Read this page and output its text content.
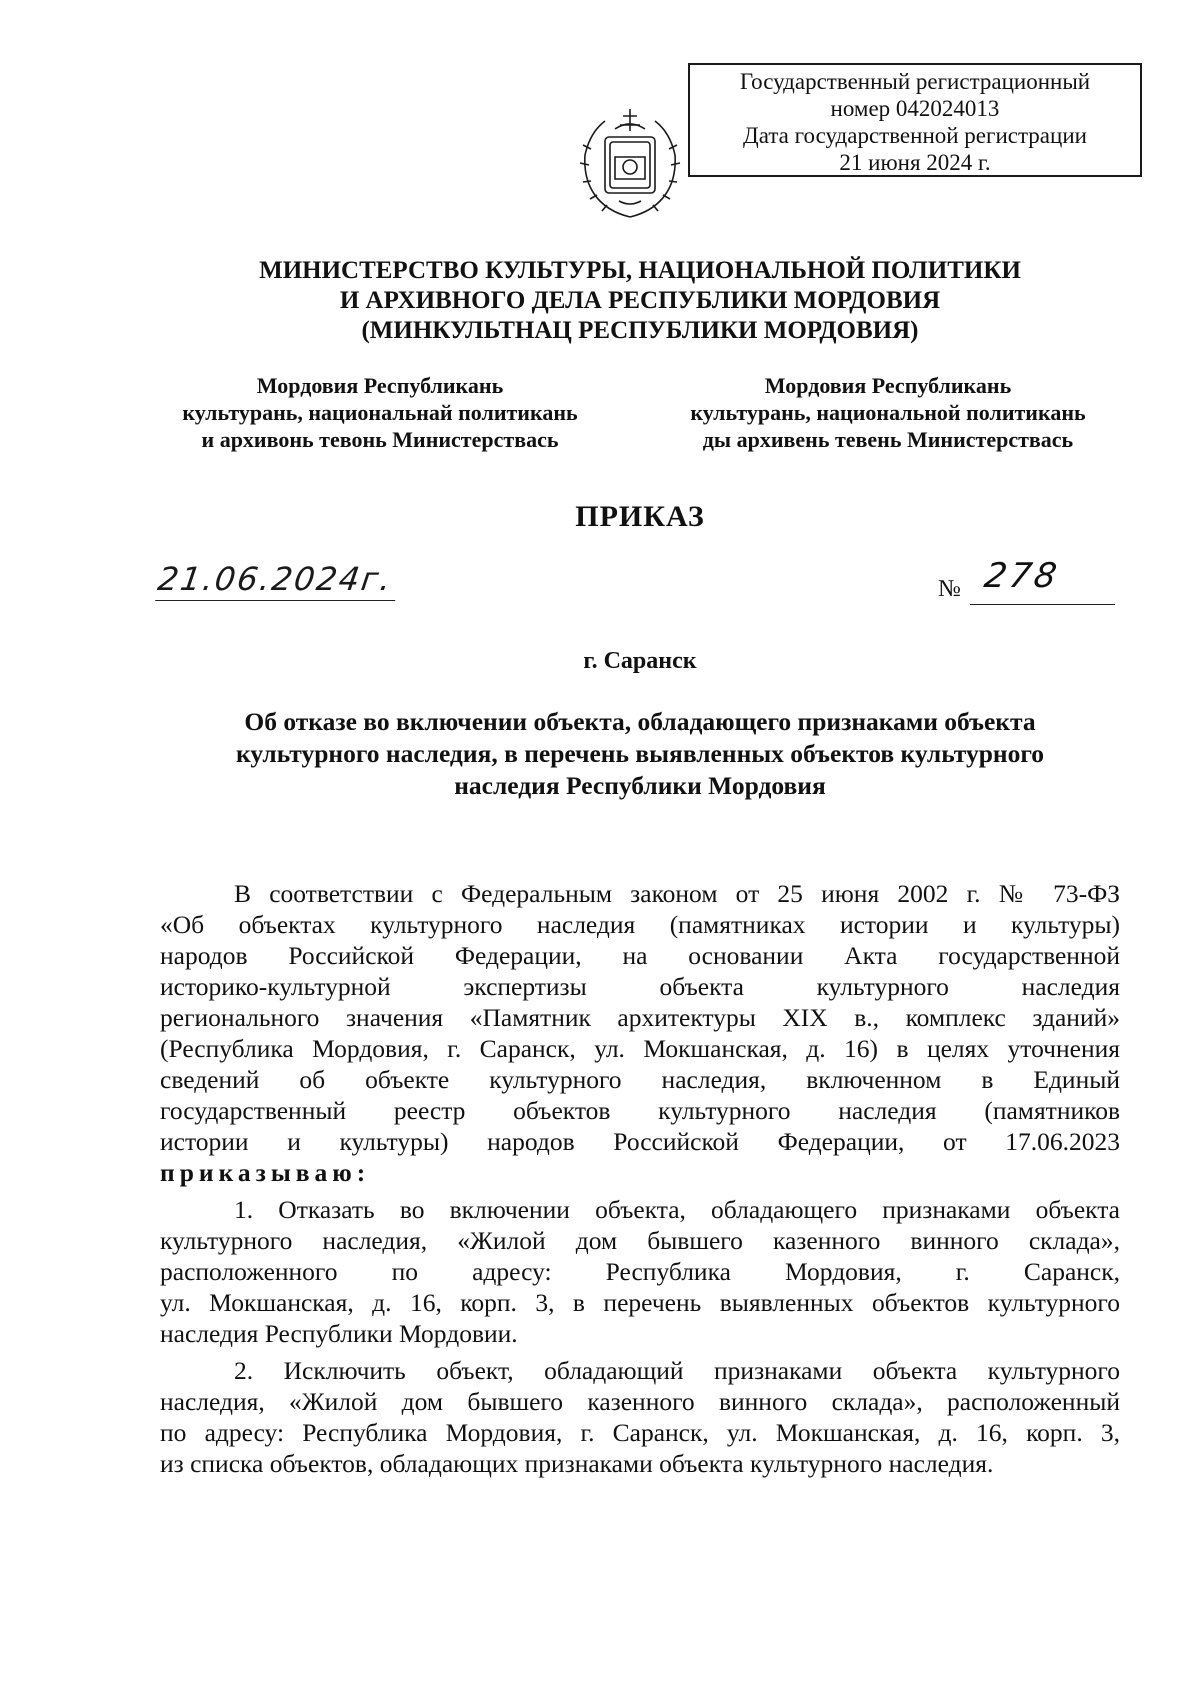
Государственный регистрационный
номер 042024013
Дата государственной регистрации
21 июня 2024 г.
МИНИСТЕРСТВО КУЛЬТУРЫ, НАЦИОНАЛЬНОЙ ПОЛИТИКИ
И АРХИВНОГО ДЕЛА РЕСПУБЛИКИ МОРДОВИЯ
(МИНКУЛЬТНАЦ РЕСПУБЛИКИ МОРДОВИЯ)
Мордовия Республикань
культурань, национальнай политикань
и архивонь тевонь Министерствась
Мордовия Республикань
культурань, национальной политикань
ды архивень тевень Министерствась
ПРИКАЗ
21.06.2024г.	№ 278
г. Саранск
Об отказе во включении объекта, обладающего признаками объекта
культурного наследия, в перечень выявленных объектов культурного
наследия Республики Мордовия
В соответствии с Федеральным законом от 25 июня 2002 г. № 73-ФЗ
«Об объектах культурного наследия (памятниках истории и культуры)
народов Российской Федерации, на основании Акта государственной
историко-культурной экспертизы объекта культурного наследия
регионального значения «Памятник архитектуры XIX в., комплекс зданий»
(Республика Мордовия, г. Саранск, ул. Мокшанская, д. 16) в целях уточнения
сведений об объекте культурного наследия, включенном в Единый
государственный реестр объектов культурного наследия (памятников
истории и культуры) народов Российской Федерации, от 17.06.2023
приказываю:
1. Отказать во включении объекта, обладающего признаками объекта
культурного наследия, «Жилой дом бывшего казенного винного склада»,
расположенного по адресу: Республика Мордовия, г. Саранск,
ул. Мокшанская, д. 16, корп. 3, в перечень выявленных объектов культурного
наследия Республики Мордовии.
2. Исключить объект, обладающий признаками объекта культурного
наследия, «Жилой дом бывшего казенного винного склада», расположенный
по адресу: Республика Мордовия, г. Саранск, ул. Мокшанская, д. 16, корп. 3,
из списка объектов, обладающих признаками объекта культурного наследия.
